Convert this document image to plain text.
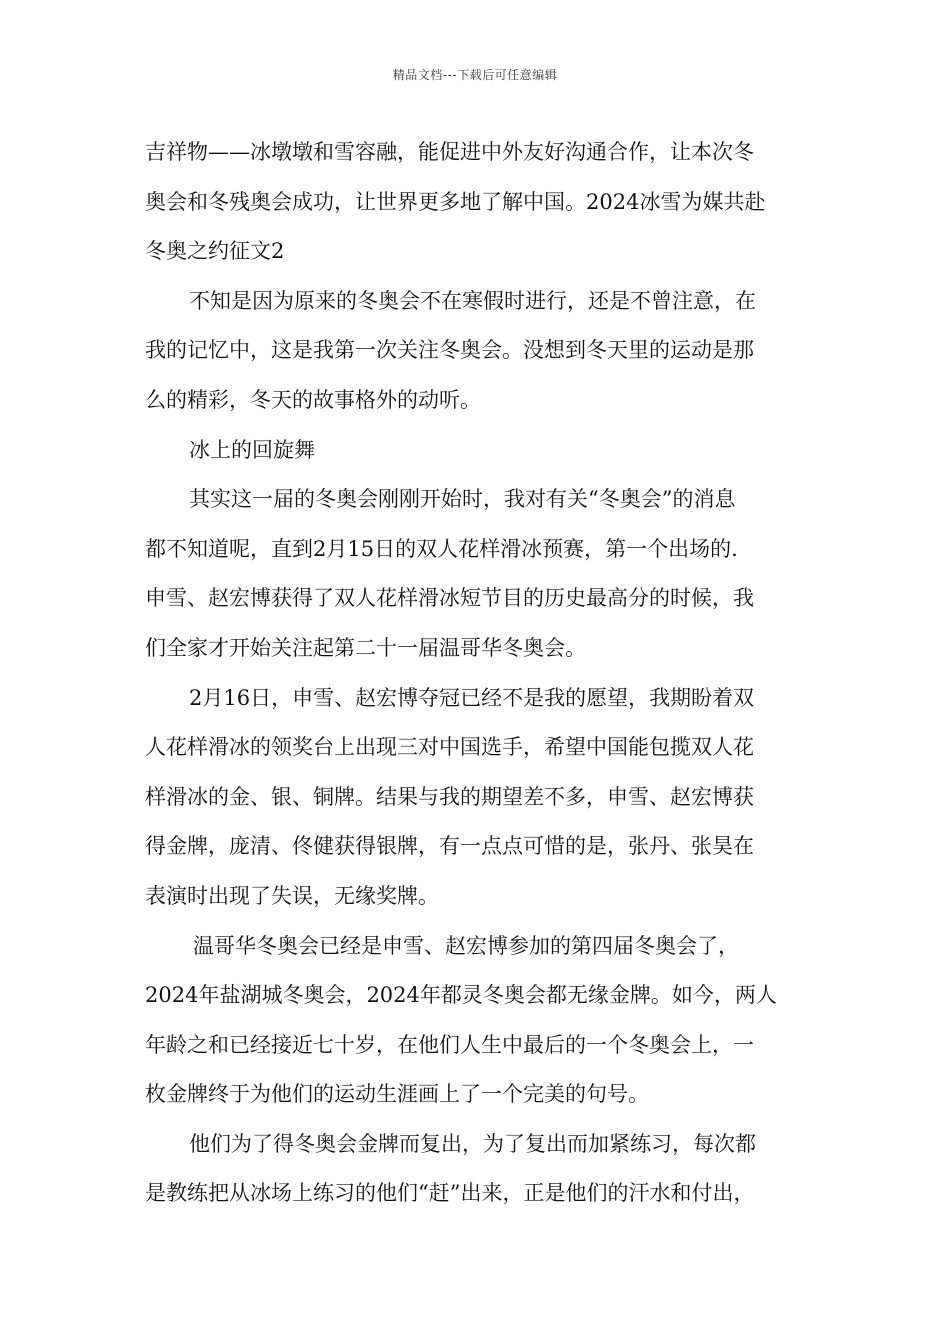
精品文档---下载后可任意编辑
吉祥物——冰墩墩和雪容融，能促进中外友好沟通合作，让本次冬
奥会和冬残奥会成功，让世界更多地了解中国。2024冰雪为媒共赴
冬奥之约征文2
不知是因为原来的冬奥会不在寒假时进行，还是不曾注意，在
我的记忆中，这是我第一次关注冬奥会。没想到冬天里的运动是那
么的精彩，冬天的故事格外的动听。
冰上的回旋舞
其实这一届的冬奥会刚刚开始时，我对有关“冬奥会”的消息
都不知道呢，直到2月15日的双人花样滑冰预赛，第一个出场的.
申雪、赵宏博获得了双人花样滑冰短节目的历史最高分的时候，我
们全家才开始关注起第二十一届温哥华冬奥会。
2月16日，申雪、赵宏博夺冠已经不是我的愿望，我期盼着双
人花样滑冰的领奖台上出现三对中国选手，希望中国能包揽双人花
样滑冰的金、银、铜牌。结果与我的期望差不多，申雪、赵宏博获
得金牌，庞清、佟健获得银牌，有一点点可惜的是，张丹、张昊在
表演时出现了失误，无缘奖牌。
温哥华冬奥会已经是申雪、赵宏博参加的第四届冬奥会了，
2024年盐湖城冬奥会，2024年都灵冬奥会都无缘金牌。如今，两人
年龄之和已经接近七十岁，在他们人生中最后的一个冬奥会上，一
枚金牌终于为他们的运动生涯画上了一个完美的句号。
他们为了得冬奥会金牌而复出，为了复出而加紧练习，每次都
是教练把从冰场上练习的他们“赶”出来，正是他们的汗水和付出，
